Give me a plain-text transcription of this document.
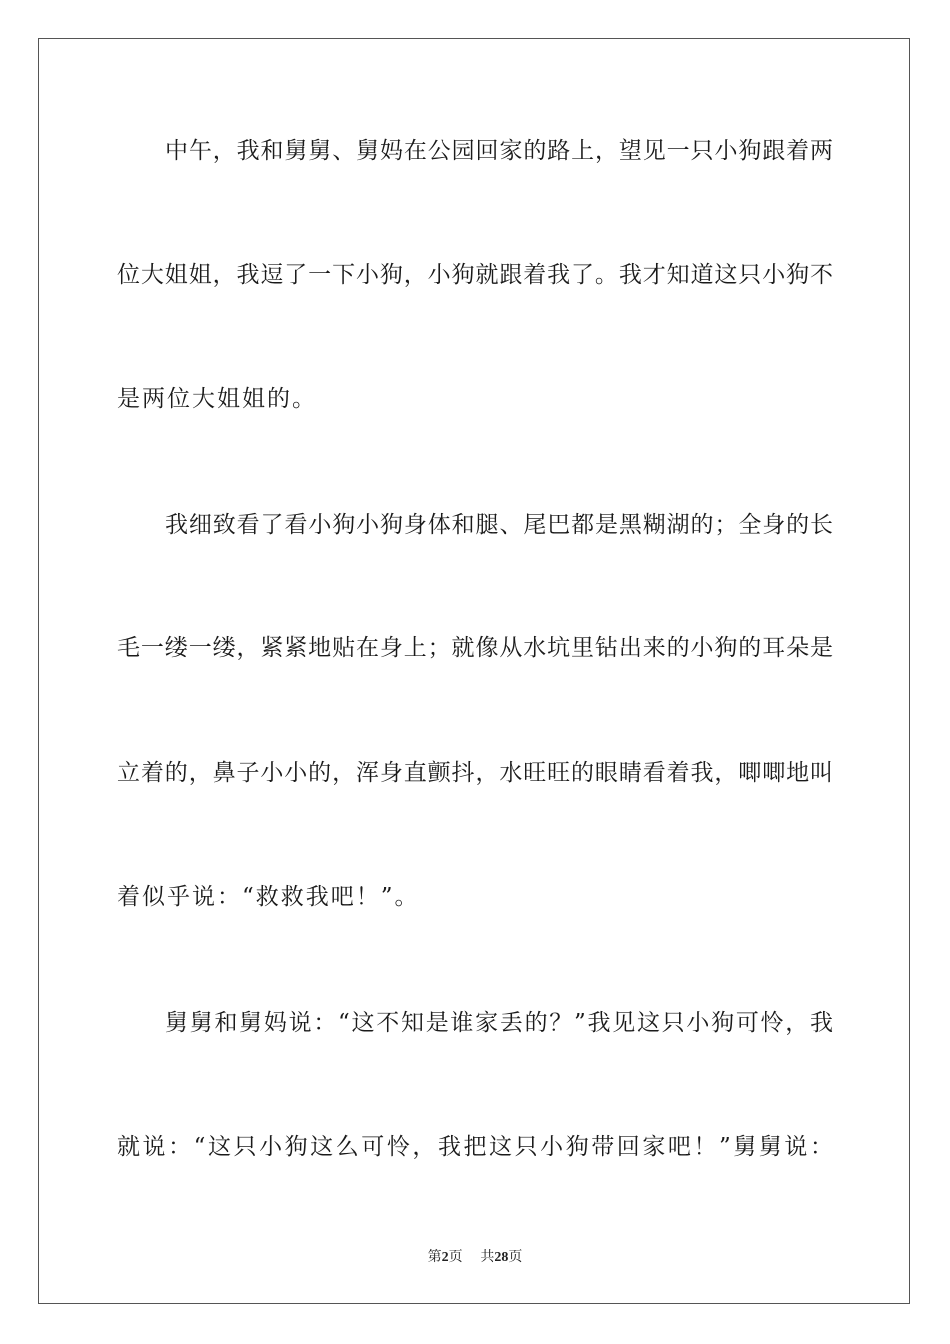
中午，我和舅舅、舅妈在公园回家的路上，望见一只小狗跟着两
位大姐姐，我逗了一下小狗，小狗就跟着我了。我才知道这只小狗不
是两位大姐姐的。
我细致看了看小狗小狗身体和腿、尾巴都是黑糊湖的；全身的长
毛一缕一缕，紧紧地贴在身上；就像从水坑里钻出来的小狗的耳朵是
立着的，鼻子小小的，浑身直颤抖，水旺旺的眼睛看着我，唧唧地叫
着似乎说：“救救我吧！”。
舅舅和舅妈说：“这不知是谁家丢的？”我见这只小狗可怜，我
就说：“这只小狗这么可怜，我把这只小狗带回家吧！”舅舅说：
第2页 共28页
